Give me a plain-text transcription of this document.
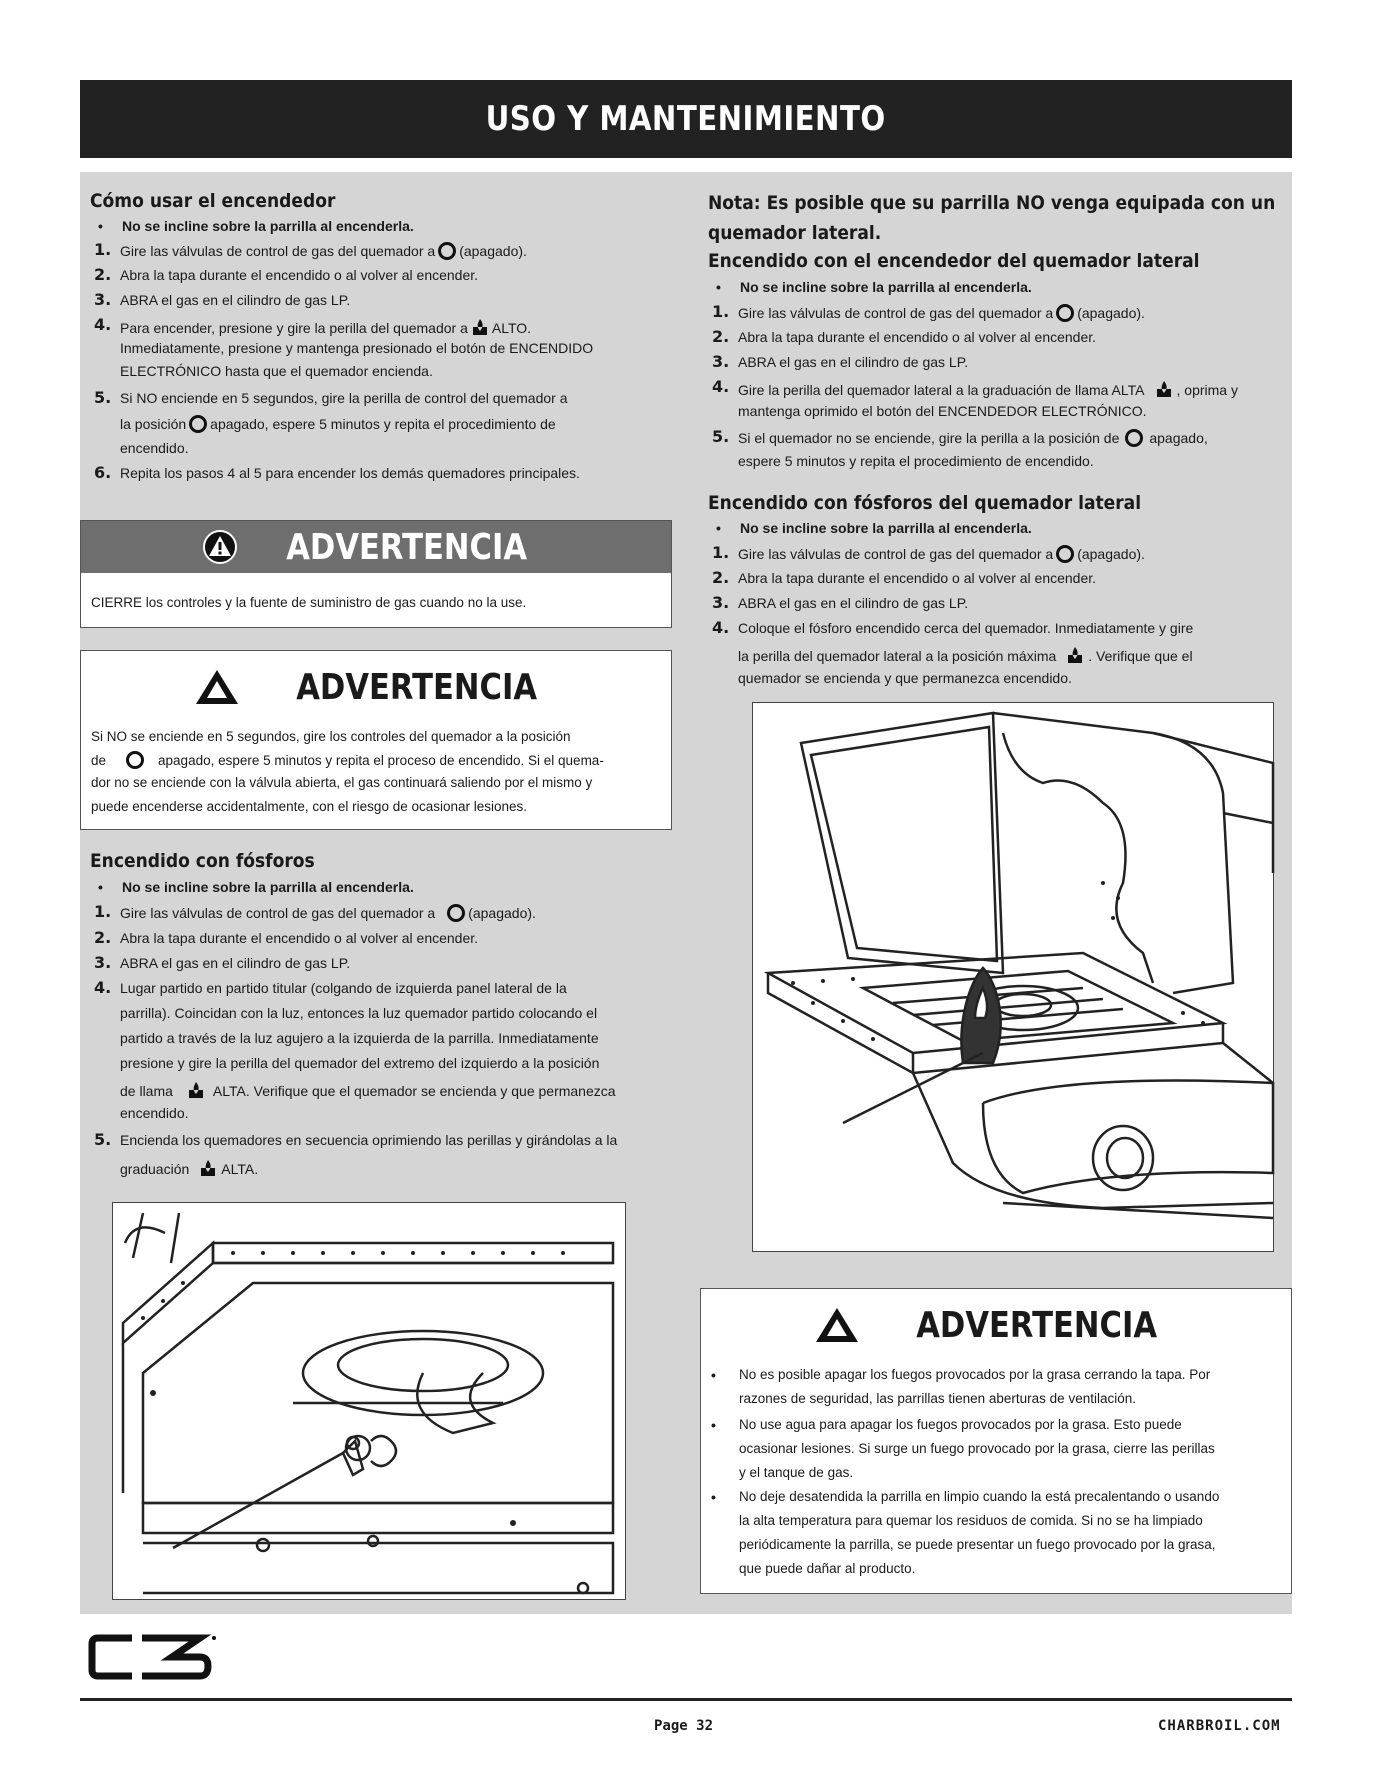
USO Y MANTENIMIENTO
Cómo usar el encendedor
• No se incline sobre la parrilla al encenderla.
1. Gire las válvulas de control de gas del quemador a (apagado).
2. Abra la tapa durante el encendido o al volver al encender.
3. ABRA el gas en el cilindro de gas LP.
4. Para encender, presione y gire la perilla del quemador a ALTO.
Inmediatamente, presione y mantenga presionado el botón de ENCENDIDO
ELECTRÓNICO hasta que el quemador encienda.
5. Si NO enciende en 5 segundos, gire la perilla de control del quemador a
la posición apagado, espere 5 minutos y repita el procedimiento de
encendido.
6. Repita los pasos 4 al 5 para encender los demás quemadores principales.
ADVERTENCIA
CIERRE los controles y la fuente de suministro de gas cuando no la use.
ADVERTENCIA
Si NO se enciende en 5 segundos, gire los controles del quemador a la posición
de	apagado, espere 5 minutos y repita el proceso de encendido. Si el quema-
dor no se enciende con la válvula abierta, el gas continuará saliendo por el mismo y
puede encenderse accidentalmente, con el riesgo de ocasionar lesiones.
Encendido con fósforos
• No se incline sobre la parrilla al encenderla.
1. Gire las válvulas de control de gas del quemador a (apagado).
2. Abra la tapa durante el encendido o al volver al encender.
3. ABRA el gas en el cilindro de gas LP.
4. Lugar partido en partido titular (colgando de izquierda panel lateral de la
parrilla). Coincidan con la luz, entonces la luz quemador partido colocando el
partido a través de la luz agujero a la izquierda de la parrilla. Inmediatamente
presione y gire la perilla del quemador del extremo del izquierdo a la posición
de llama	ALTA. Verifique que el quemador se encienda y que permanezca
encendido.
5. Encienda los quemadores en secuencia oprimiendo las perillas y girándolas a la
graduación ALTA.
Nota: Es posible que su parrilla NO venga equipada con un
quemador lateral.
Encendido con el encendedor del quemador lateral
• No se incline sobre la parrilla al encenderla.
1. Gire las válvulas de control de gas del quemador a (apagado).
2. Abra la tapa durante el encendido o al volver al encender.
3. ABRA el gas en el cilindro de gas LP.
4. Gire la perilla del quemador lateral a la graduación de llama ALTA , oprima y
mantenga oprimido el botón del ENCENDEDOR ELECTRÓNICO.
5. Si el quemador no se enciende, gire la perilla a la posición de apagado,
espere 5 minutos y repita el procedimiento de encendido.
Encendido con fósforos del quemador lateral
• No se incline sobre la parrilla al encenderla.
1. Gire las válvulas de control de gas del quemador a (apagado).
2. Abra la tapa durante el encendido o al volver al encender.
3. ABRA el gas en el cilindro de gas LP.
4. Coloque el fósforo encendido cerca del quemador. Inmediatamente y gire
la perilla del quemador lateral a la posición máxima . Verifique que el
quemador se encienda y que permanezca encendido.
ADVERTENCIA
• No es posible apagar los fuegos provocados por la grasa cerrando la tapa. Por
razones de seguridad, las parrillas tienen aberturas de ventilación.
• No use agua para apagar los fuegos provocados por la grasa. Esto puede
ocasionar lesiones. Si surge un fuego provocado por la grasa, cierre las perillas
y el tanque de gas.
• No deje desatendida la parrilla en limpio cuando la está precalentando o usando
la alta temperatura para quemar los residuos de comida. Si no se ha limpiado
periódicamente la parrilla, se puede presentar un fuego provocado por la grasa,
que puede dañar al producto.
Page 32	CHARBROIL.COM
